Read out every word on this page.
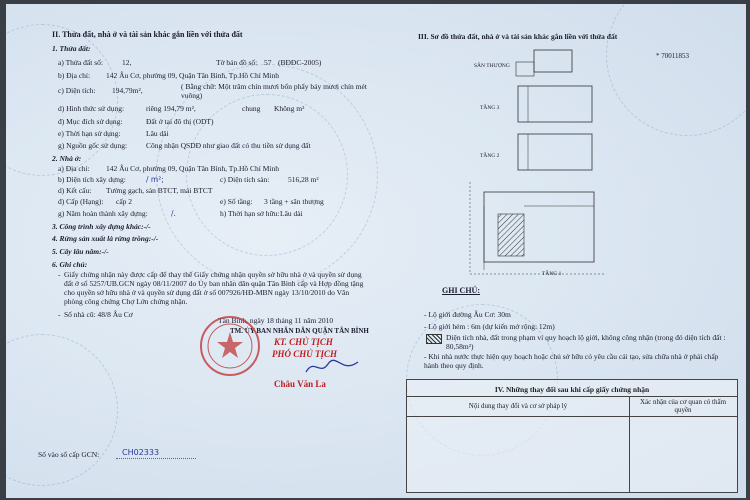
II. Thửa đất, nhà ở và tài sản khác gắn liền với thửa đất
1. Thửa đất:
a) Thửa đất số:	12,	Tờ bản đồ số: 57 (BĐĐC-2005)
b) Địa chỉ: 142 Âu Cơ, phường 09, Quận Tân Bình, Tp.Hồ Chí Minh
c) Diện tích: 194,79m²,	( Bằng chữ: Một trăm chín mươi bốn phẩy bảy mươi chín mét vuông)
d) Hình thức sử dụng:	riêng 194,79 m²,	chung Không m²
đ) Mục đích sử dụng:	Đất ở tại đô thị (ODT)
e) Thời hạn sử dụng:	Lâu dài
g) Nguồn gốc sử dụng:	Công nhận QSDĐ như giao đất có thu tiền sử dụng đất
2. Nhà ở:
a) Địa chỉ: 142 Âu Cơ, phường 09, Quận Tân Bình, Tp.Hồ Chí Minh
b) Diện tích xây dựng:	/ m²;	c) Diện tích sàn: 516,28 m²
d) Kết cấu: Tường gạch, sàn BTCT, mái BTCT
đ) Cấp (Hạng): cấp 2	e) Số tầng: 3 tầng + sân thượng
g) Năm hoàn thành xây dựng:	/.	h) Thời hạn sở hữu: Lâu dài
3. Công trình xây dựng khác:-/-
4. Rừng sản xuất là rừng trồng:-/-
5. Cây lâu năm:-/-
6. Ghi chú:
- Giấy chứng nhận này được cấp để thay thế Giấy chứng nhận quyền sở hữu nhà ở và quyền sử dụng đất ở số 5257/UB.GCN ngày 08/11/2007 do Ủy ban nhân dân quận Tân Bình cấp và Hợp đồng tặng cho quyền sở hữu nhà ở và quyền sử dụng đất ở số 007926/HĐ-MBN ngày 13/10/2010 do Văn phòng công chứng Chợ Lớn chứng nhận.
- Số nhà cũ: 48/8 Âu Cơ
Tân Bình, ngày 18 tháng 11 năm 2010
TM. ỦY BAN NHÂN DÂN QUẬN TÂN BÌNH
KT. CHỦ TỊCH
PHÓ CHỦ TỊCH
Châu Văn La
Số vào sổ cấp GCN:	CH02333
III. Sơ đồ thửa đất, nhà ở và tài sản khác gắn liền với thửa đất
* 70011853
SÂN THƯỢNG
TẦNG 3
TẦNG 2
TẦNG 1
GHI CHÚ:
- Lộ giới đường Âu Cơ: 30m
- Lộ giới hẻm : 6m (dự kiến mở rộng: 12m)
Diện tích nhà, đất trong phạm vi quy hoạch lộ giới, không công nhận (trong đó diện tích đất : 80,58m²)
- Khi nhà nước thực hiện quy hoạch hoặc chủ sở hữu có yêu cầu cải tạo, sửa chữa nhà ở phải chấp hành theo quy định.
IV. Những thay đổi sau khi cấp giấy chứng nhận
Nội dung thay đổi và cơ sở pháp lý	Xác nhận của cơ quan có thẩm quyền
